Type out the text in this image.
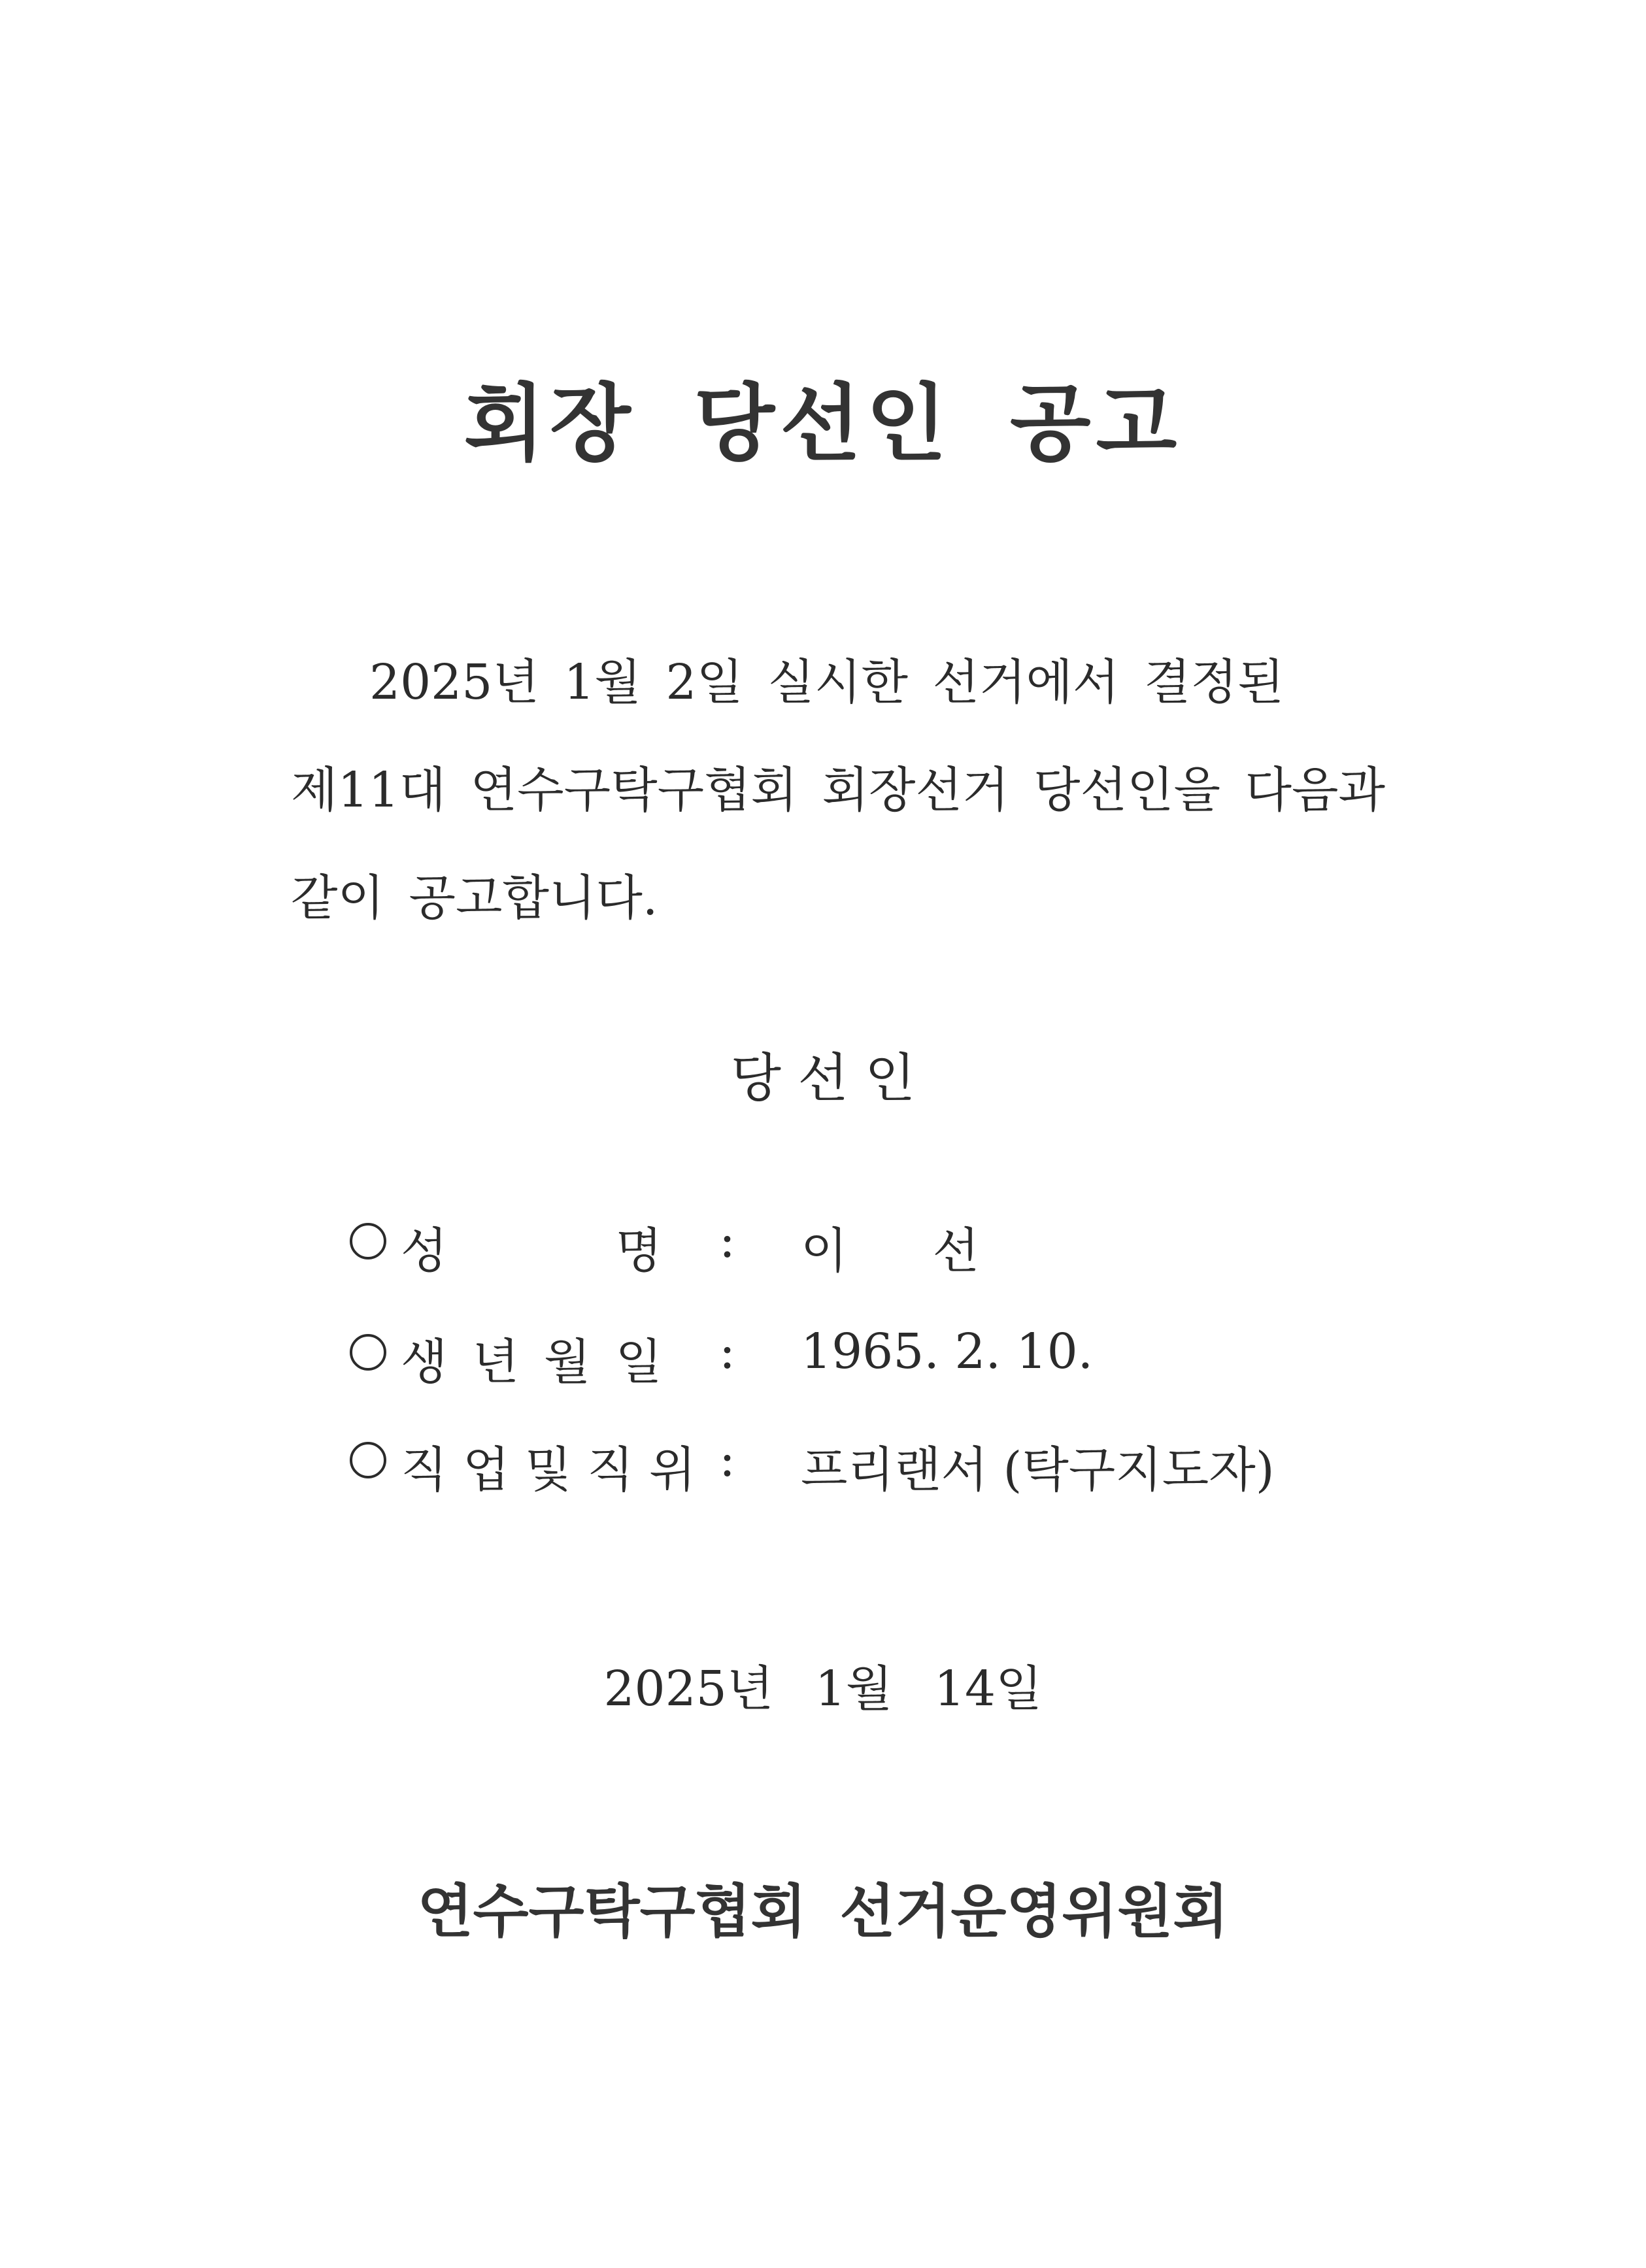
회장 당선인 공고
2025년 1월 2일 실시한 선거에서 결정된
제11대 연수구탁구협회 회장선거 당선인을 다음과
같이 공고합니다.
당 선 인
성 명 : 이선
생 년 월 일 : 1965. 2. 10.
직 업 및 직 위 : 프리랜서 (탁구지도자)
2025년 1월 14일
연수구탁구협회 선거운영위원회
